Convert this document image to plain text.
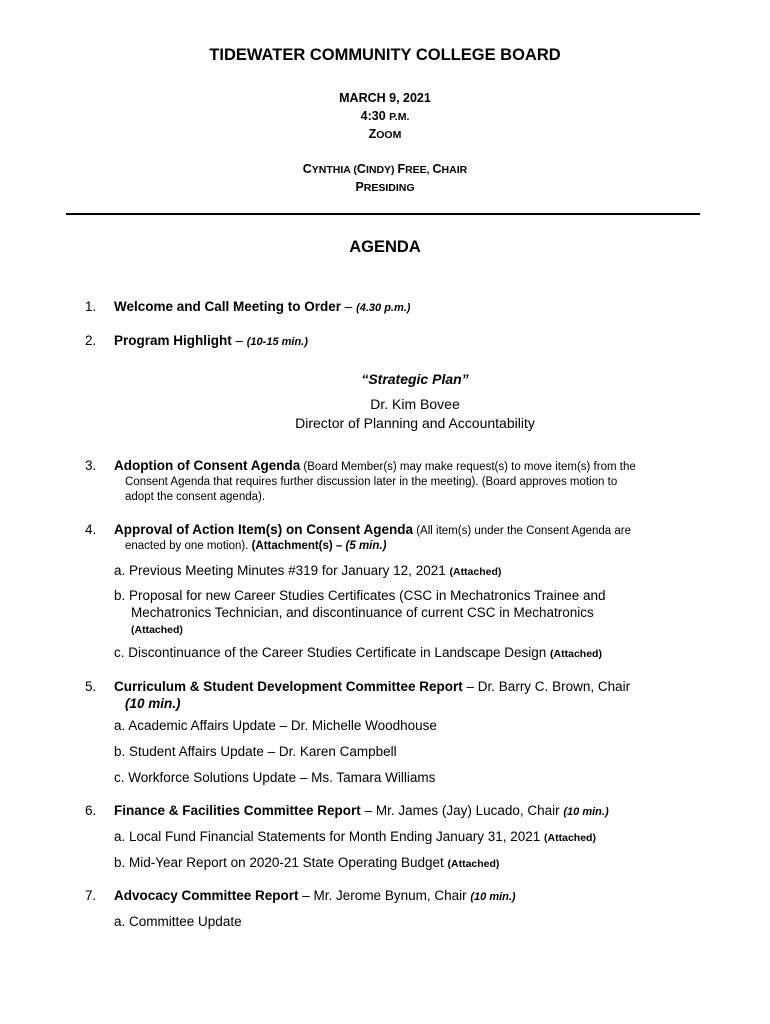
TIDEWATER COMMUNITY COLLEGE BOARD
MARCH 9, 2021
4:30 P.M.
ZOOM
CYNTHIA (CINDY) FREE, CHAIR
PRESIDING
AGENDA
1. Welcome and Call Meeting to Order – (4.30 p.m.)
2. Program Highlight – (10-15 min.)
“Strategic Plan”
Dr. Kim Bovee
Director of Planning and Accountability
3. Adoption of Consent Agenda (Board Member(s) may make request(s) to move item(s) from the
Consent Agenda that requires further discussion later in the meeting). (Board approves motion to
adopt the consent agenda).
4. Approval of Action Item(s) on Consent Agenda (All item(s) under the Consent Agenda are
enacted by one motion). (Attachment(s) – (5 min.)
a. Previous Meeting Minutes #319 for January 12, 2021 (Attached)
b. Proposal for new Career Studies Certificates (CSC in Mechatronics Trainee and
Mechatronics Technician, and discontinuance of current CSC in Mechatronics
(Attached)
c. Discontinuance of the Career Studies Certificate in Landscape Design (Attached)
5. Curriculum & Student Development Committee Report – Dr. Barry C. Brown, Chair
(10 min.)
a. Academic Affairs Update – Dr. Michelle Woodhouse
b. Student Affairs Update – Dr. Karen Campbell
c. Workforce Solutions Update – Ms. Tamara Williams
6. Finance & Facilities Committee Report – Mr. James (Jay) Lucado, Chair (10 min.)
a. Local Fund Financial Statements for Month Ending January 31, 2021 (Attached)
b. Mid-Year Report on 2020-21 State Operating Budget (Attached)
7. Advocacy Committee Report – Mr. Jerome Bynum, Chair (10 min.)
a. Committee Update
